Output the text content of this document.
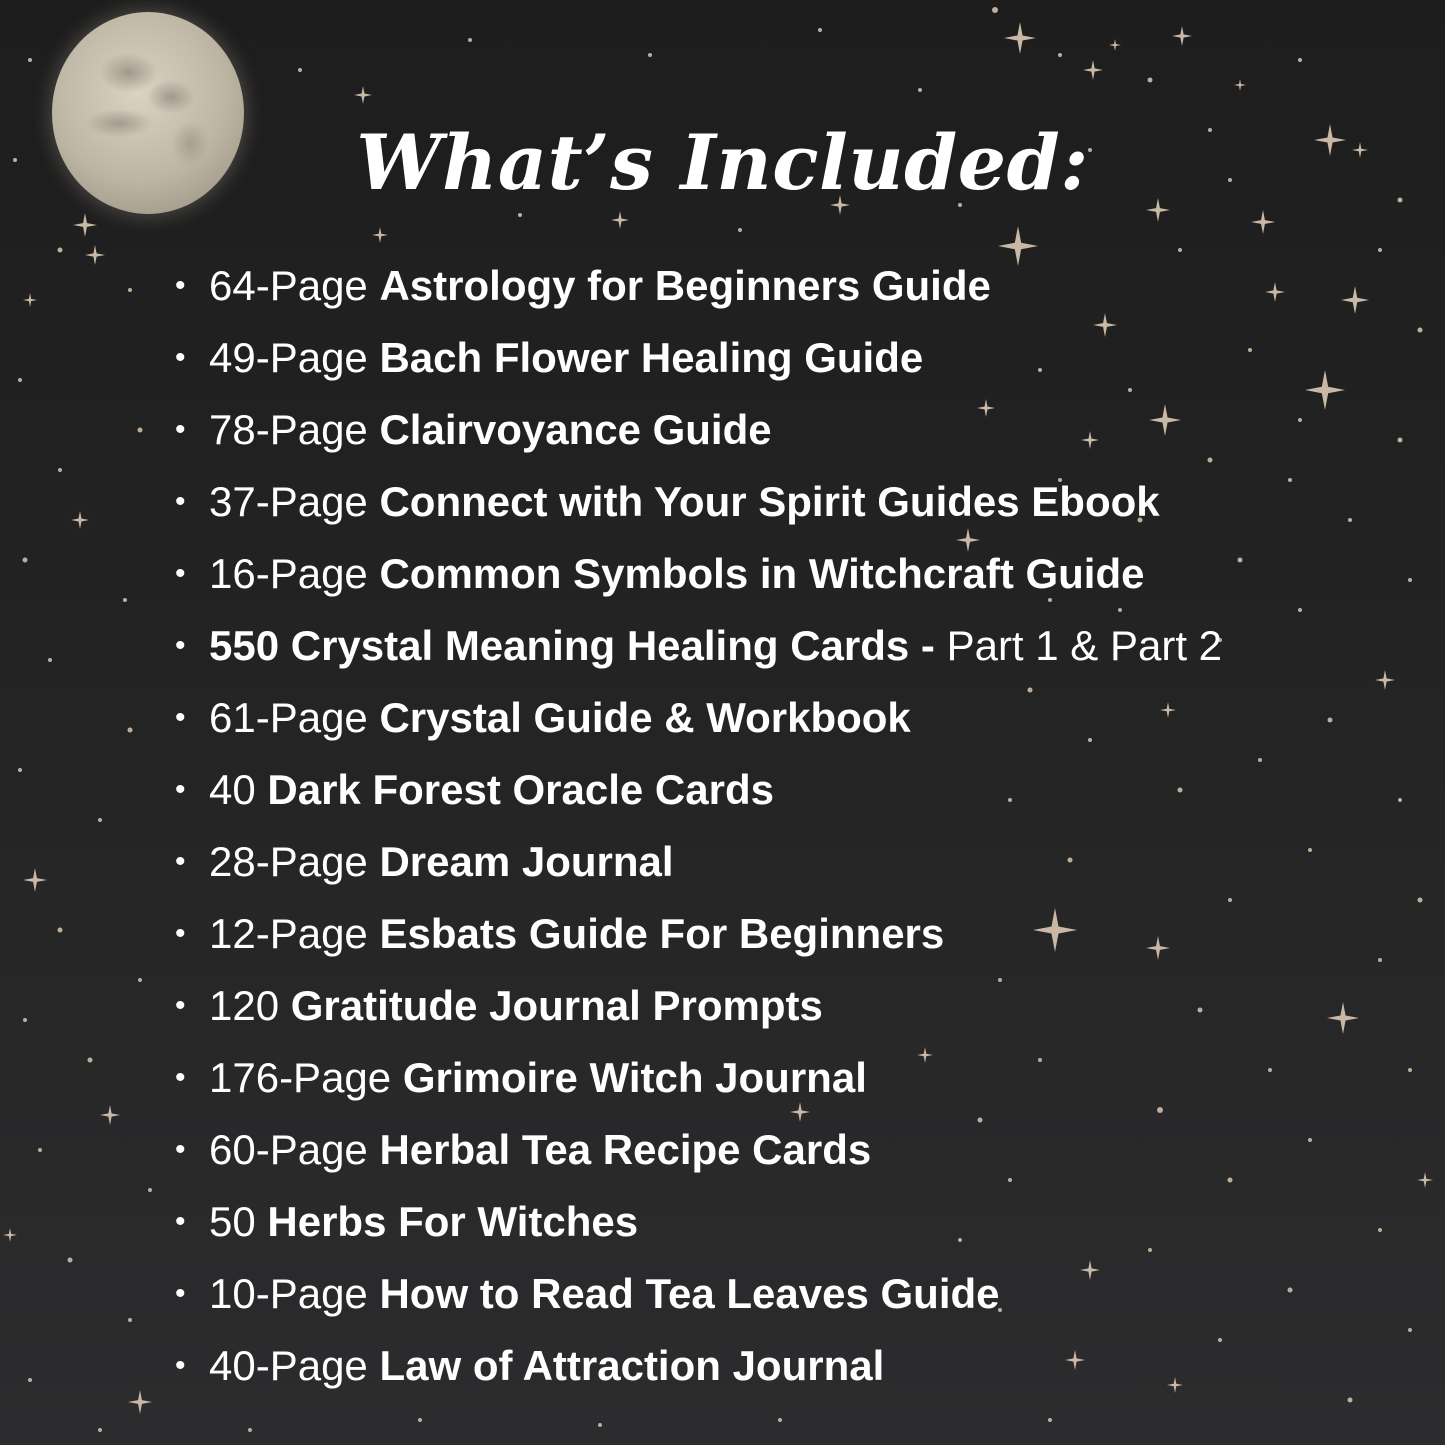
What’s Included:
• 64-Page Astrology for Beginners Guide
• 49-Page Bach Flower Healing Guide
• 78-Page Clairvoyance Guide
• 37-Page Connect with Your Spirit Guides Ebook
• 16-Page Common Symbols in Witchcraft Guide
• 550 Crystal Meaning Healing Cards - Part 1 & Part 2
• 61-Page Crystal Guide & Workbook
• 40 Dark Forest Oracle Cards
• 28-Page Dream Journal
• 12-Page Esbats Guide For Beginners
• 120 Gratitude Journal Prompts
• 176-Page Grimoire Witch Journal
• 60-Page Herbal Tea Recipe Cards
• 50 Herbs For Witches
• 10-Page How to Read Tea Leaves Guide
• 40-Page Law of Attraction Journal
